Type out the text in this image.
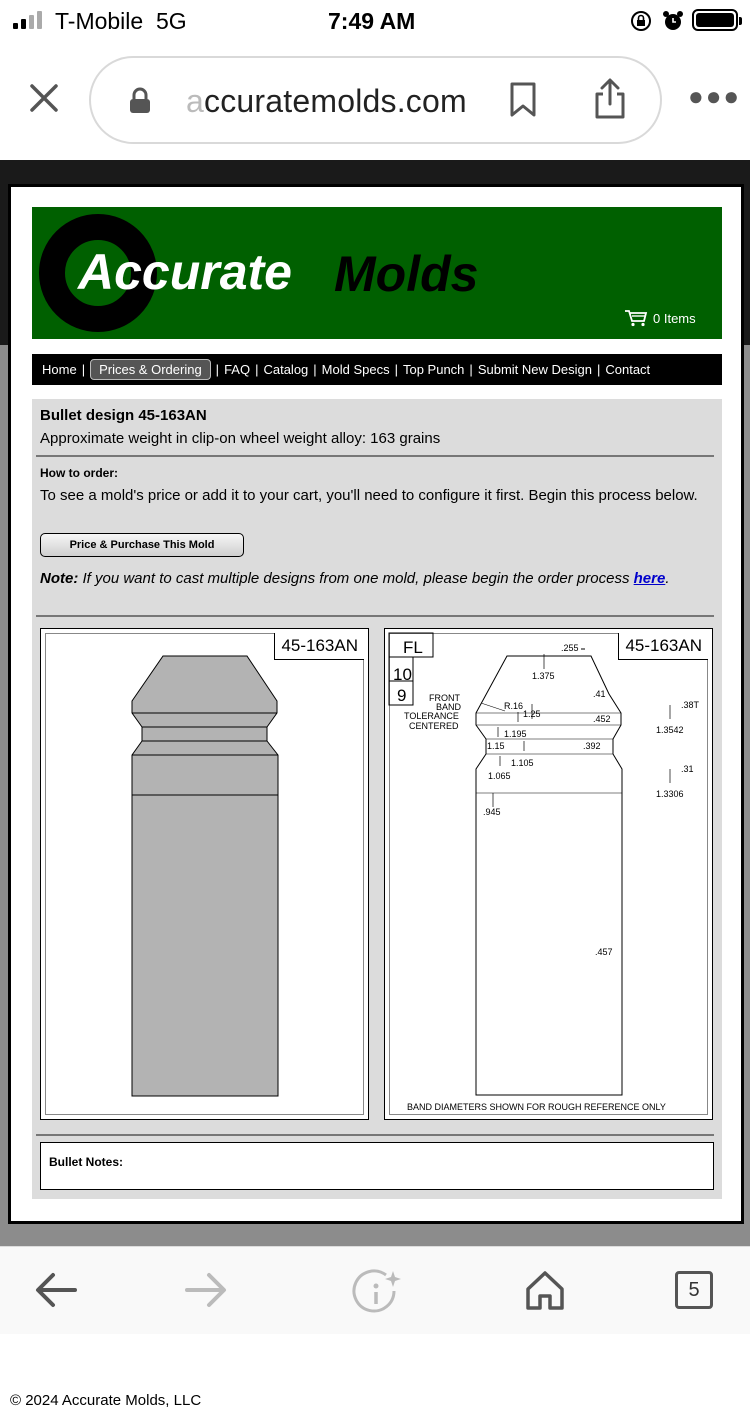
T-Mobile 5G	7:49 AM
accuratemolds.com	●●●
Accurate Molds
0 Items
Home |	Prices & Ordering	| FAQ | Catalog | Mold Specs | Top Punch | Submit New Design | Contact
Bullet design 45-163AN
Approximate weight in clip-on wheel weight alloy: 163 grains
How to order:
To see a mold's price or add it to your cart, you'll need to configure it first. Begin this process below.
Price & Purchase This Mold
Note: If you want to cast multiple designs from one mold, please begin the order process here.
45-163AN	45-163AN
FL
10
9	FRONT
BAND
TOLERANCE
CENTERED
.255
1.375
.41
R.16
1.25	.452
1.195
1.15	.392
1.105
1.065
.945
.457
.38T
1.3542
.31
1.3306
BAND DIAMETERS SHOWN FOR ROUGH REFERENCE ONLY
Bullet Notes:
© 2024 Accurate Molds, LLC
5
